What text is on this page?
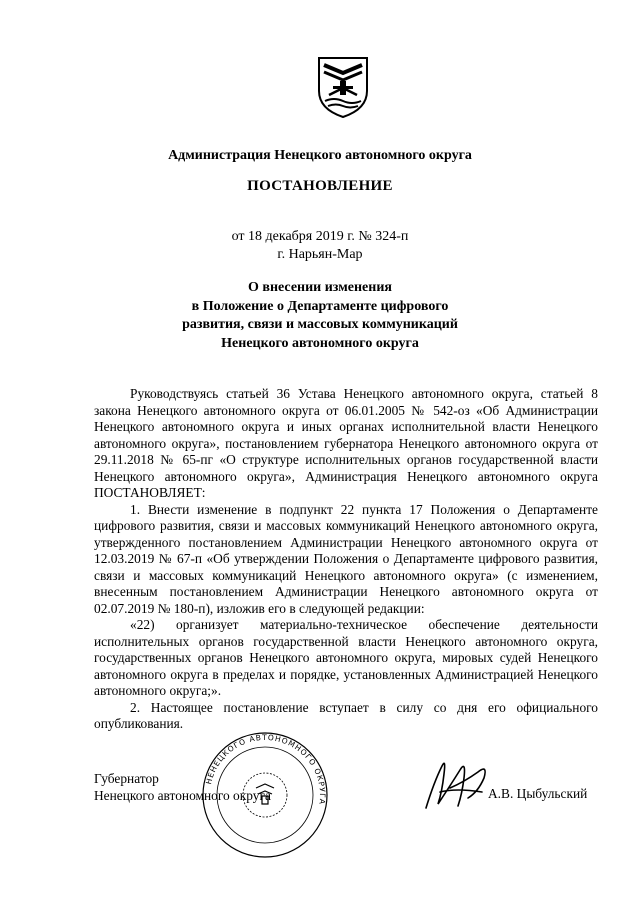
Администрация Ненецкого автономного округа
ПОСТАНОВЛЕНИЕ
от 18 декабря 2019 г. № 324-п
г. Нарьян-Мар
О внесении изменения
в Положение о Департаменте цифрового
развития, связи и массовых коммуникаций
Ненецкого автономного округа

Руководствуясь статьей 36 Устава Ненецкого автономного округа, статьей 8 закона Ненецкого автономного округа от 06.01.2005 № 542-оз «Об Администрации Ненецкого автономного округа и иных органах исполнительной власти Ненецкого автономного округа», постановлением губернатора Ненецкого автономного округа от 29.11.2018 № 65-пг «О структуре исполнительных органов государственной власти Ненецкого автономного округа», Администрация Ненецкого автономного округа ПОСТАНОВЛЯЕТ:

1. Внести изменение в подпункт 22 пункта 17 Положения о Департаменте цифрового развития, связи и массовых коммуникаций Ненецкого автономного округа, утвержденного постановлением Администрации Ненецкого автономного округа от 12.03.2019 № 67-п «Об утверждении Положения о Департаменте цифрового развития, связи и массовых коммуникаций Ненецкого автономного округа» (с изменением, внесенным постановлением Администрации Ненецкого автономного округа от 02.07.2019 № 180-п), изложив его в следующей редакции:

«22) организует материально-техническое обеспечение деятельности исполнительных органов государственной власти Ненецкого автономного округа, государственных органов Ненецкого автономного округа, мировых судей Ненецкого автономного округа в пределах и порядке, установленных Администрацией Ненецкого автономного округа;».

2. Настоящее постановление вступает в силу со дня его официального опубликования.

НЕНЕЦКОГО АВТОНОМНОГО ОКРУГА
Губернатор
Ненецкого автономного округа	А.В. Цыбульский
